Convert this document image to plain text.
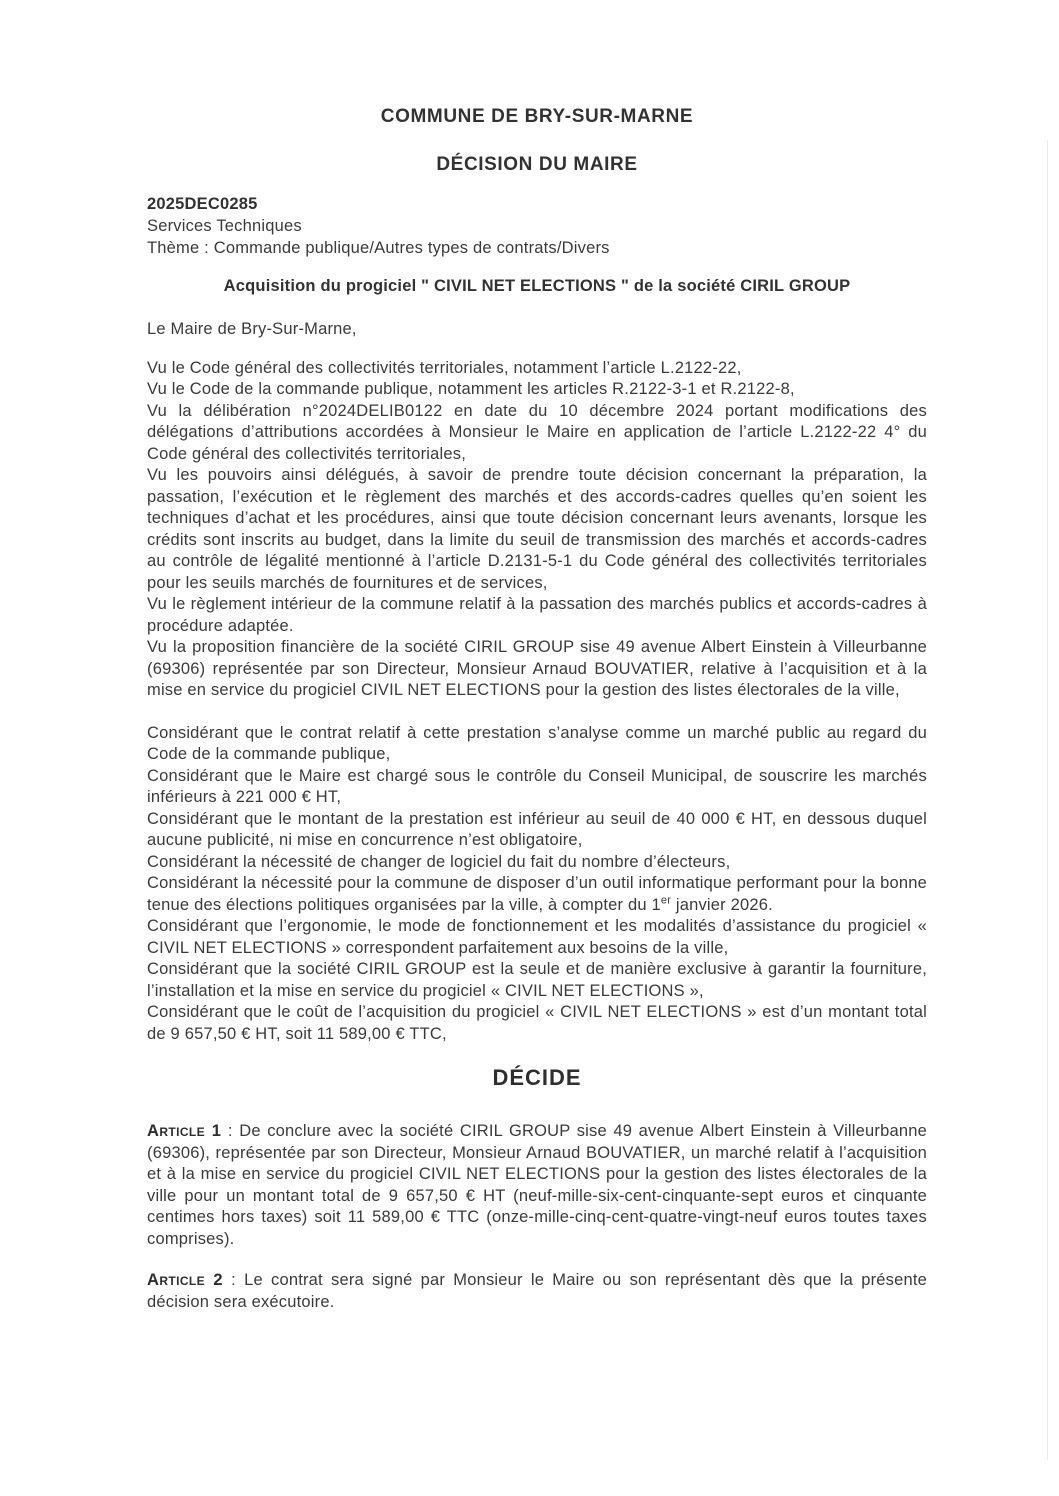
COMMUNE DE BRY-SUR-MARNE
DÉCISION DU MAIRE
2025DEC0285
Services Techniques
Thème : Commande publique/Autres types de contrats/Divers
Acquisition du progiciel " CIVIL NET ELECTIONS " de la société CIRIL GROUP

Le Maire de Bry-Sur-Marne,

Vu le Code général des collectivités territoriales, notamment l’article L.2122-22,

Vu le Code de la commande publique, notamment les articles R.2122-3-1 et R.2122-8,

Vu la délibération n°2024DELIB0122 en date du 10 décembre 2024 portant modifications des délégations d’attributions accordées à Monsieur le Maire en application de l’article L.2122-22 4° du Code général des collectivités territoriales,

Vu les pouvoirs ainsi délégués, à savoir de prendre toute décision concernant la préparation, la passation, l’exécution et le règlement des marchés et des accords-cadres quelles qu’en soient les techniques d’achat et les procédures, ainsi que toute décision concernant leurs avenants, lorsque les crédits sont inscrits au budget, dans la limite du seuil de transmission des marchés et accords-cadres au contrôle de légalité mentionné à l’article D.2131-5-1 du Code général des collectivités territoriales pour les seuils marchés de fournitures et de services,

Vu le règlement intérieur de la commune relatif à la passation des marchés publics et accords-cadres à procédure adaptée.

Vu la proposition financière de la société CIRIL GROUP sise 49 avenue Albert Einstein à Villeurbanne (69306) représentée par son Directeur, Monsieur Arnaud BOUVATIER, relative à l’acquisition et à la mise en service du progiciel CIVIL NET ELECTIONS pour la gestion des listes électorales de la ville,

Considérant que le contrat relatif à cette prestation s’analyse comme un marché public au regard du Code de la commande publique,

Considérant que le Maire est chargé sous le contrôle du Conseil Municipal, de souscrire les marchés inférieurs à 221 000 € HT,

Considérant que le montant de la prestation est inférieur au seuil de 40 000 € HT, en dessous duquel aucune publicité, ni mise en concurrence n’est obligatoire,

Considérant la nécessité de changer de logiciel du fait du nombre d’électeurs,

Considérant la nécessité pour la commune de disposer d’un outil informatique performant pour la bonne tenue des élections politiques organisées par la ville, à compter du 1er janvier 2026.

Considérant que l’ergonomie, le mode de fonctionnement et les modalités d’assistance du progiciel « CIVIL NET ELECTIONS » correspondent parfaitement aux besoins de la ville,

Considérant que la société CIRIL GROUP est la seule et de manière exclusive à garantir la fourniture, l’installation et la mise en service du progiciel « CIVIL NET ELECTIONS »,

Considérant que le coût de l’acquisition du progiciel « CIVIL NET ELECTIONS » est d’un montant total de 9 657,50 € HT, soit 11 589,00 € TTC,

DÉCIDE

Article 1 : De conclure avec la société CIRIL GROUP sise 49 avenue Albert Einstein à Villeurbanne (69306), représentée par son Directeur, Monsieur Arnaud BOUVATIER, un marché relatif à l’acquisition et à la mise en service du progiciel CIVIL NET ELECTIONS pour la gestion des listes électorales de la ville pour un montant total de 9 657,50 € HT (neuf-mille-six-cent-cinquante-sept euros et cinquante centimes hors taxes) soit 11 589,00 € TTC (onze-mille-cinq-cent-quatre-vingt-neuf euros toutes taxes comprises).

Article 2 : Le contrat sera signé par Monsieur le Maire ou son représentant dès que la présente décision sera exécutoire.
